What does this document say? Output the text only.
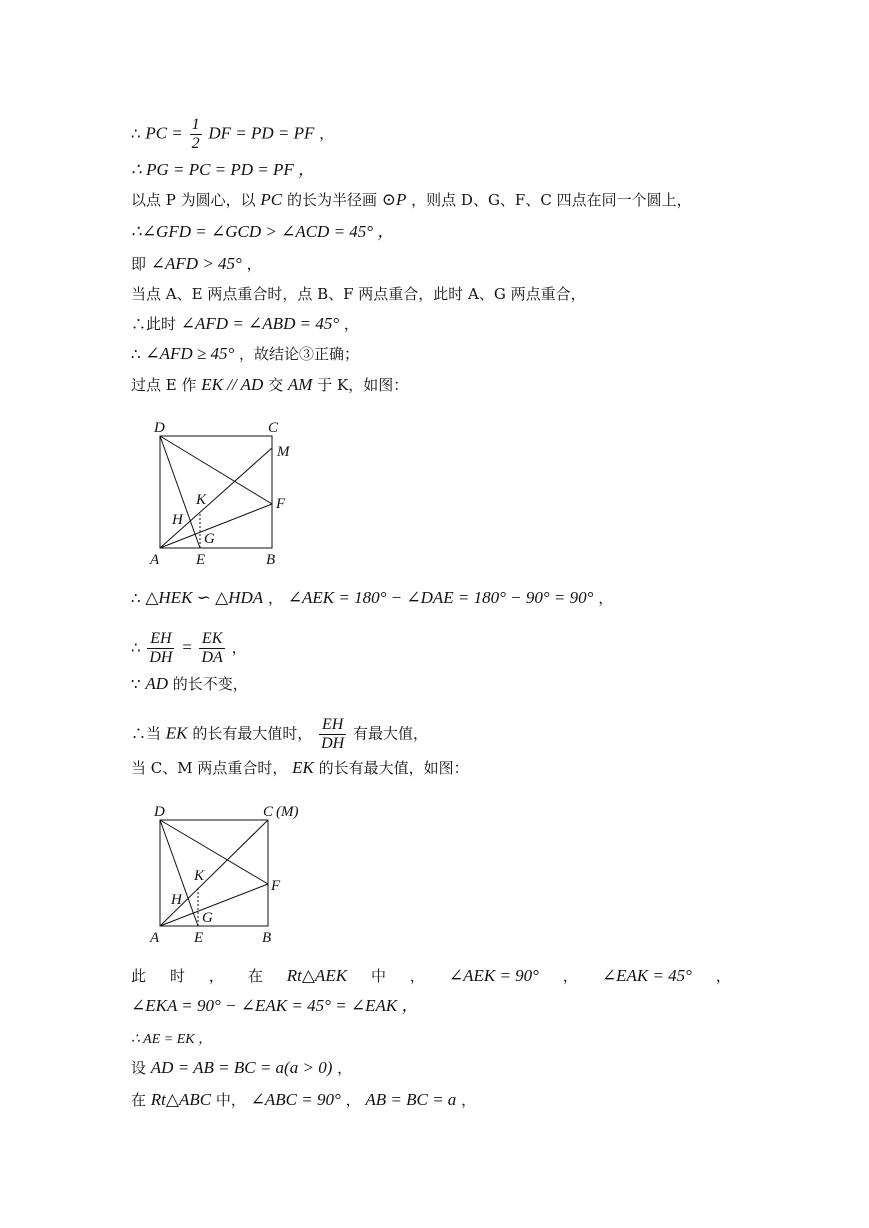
∴ PC = $\frac{1}{2}$ DF = PD = PF ，
∴ PG = PC = PD = PF ，
以点 P 为圆心，以 PC 的长为半径画 ⊙P ，则点 D、G、F、C 四点在同一个圆上，
∴∠GFD = ∠GCD > ∠ACD = 45° ，
即 ∠AFD > 45° ，
当点 A、E 两点重合时，点 B、F 两点重合，此时 A、G 两点重合，
∴此时 ∠AFD = ∠ABD = 45° ，
∴ ∠AFD ≥ 45° ，故结论③正确；
过点 E 作 EK // AD 交 AM 于 K，如图：
D	C
M
K	F
H
G
A E	B
∴ △HEK ∽ △HDA ， ∠AEK = 180° − ∠DAE = 180° − 90° = 90° ，
∴ $\frac{EH}{DH} = \frac{EK}{DA}$ ，
∵ AD 的长不变，
∴当 EK 的长有最大值时， $\frac{EH}{DH}$ 有最大值，
当 C、M 两点重合时， EK 的长有最大值，如图：
D	C (M)
K
F
H
G
A E	B
此 时 ， 在 Rt△AEK 中 ， ∠AEK = 90° ， ∠EAK = 45° ，
∠EKA = 90° − ∠EAK = 45° = ∠EAK ，
∴ AE = EK ，
设 AD = AB = BC = a(a > 0) ，
在 Rt△ABC 中， ∠ABC = 90° ， AB = BC = a ，
